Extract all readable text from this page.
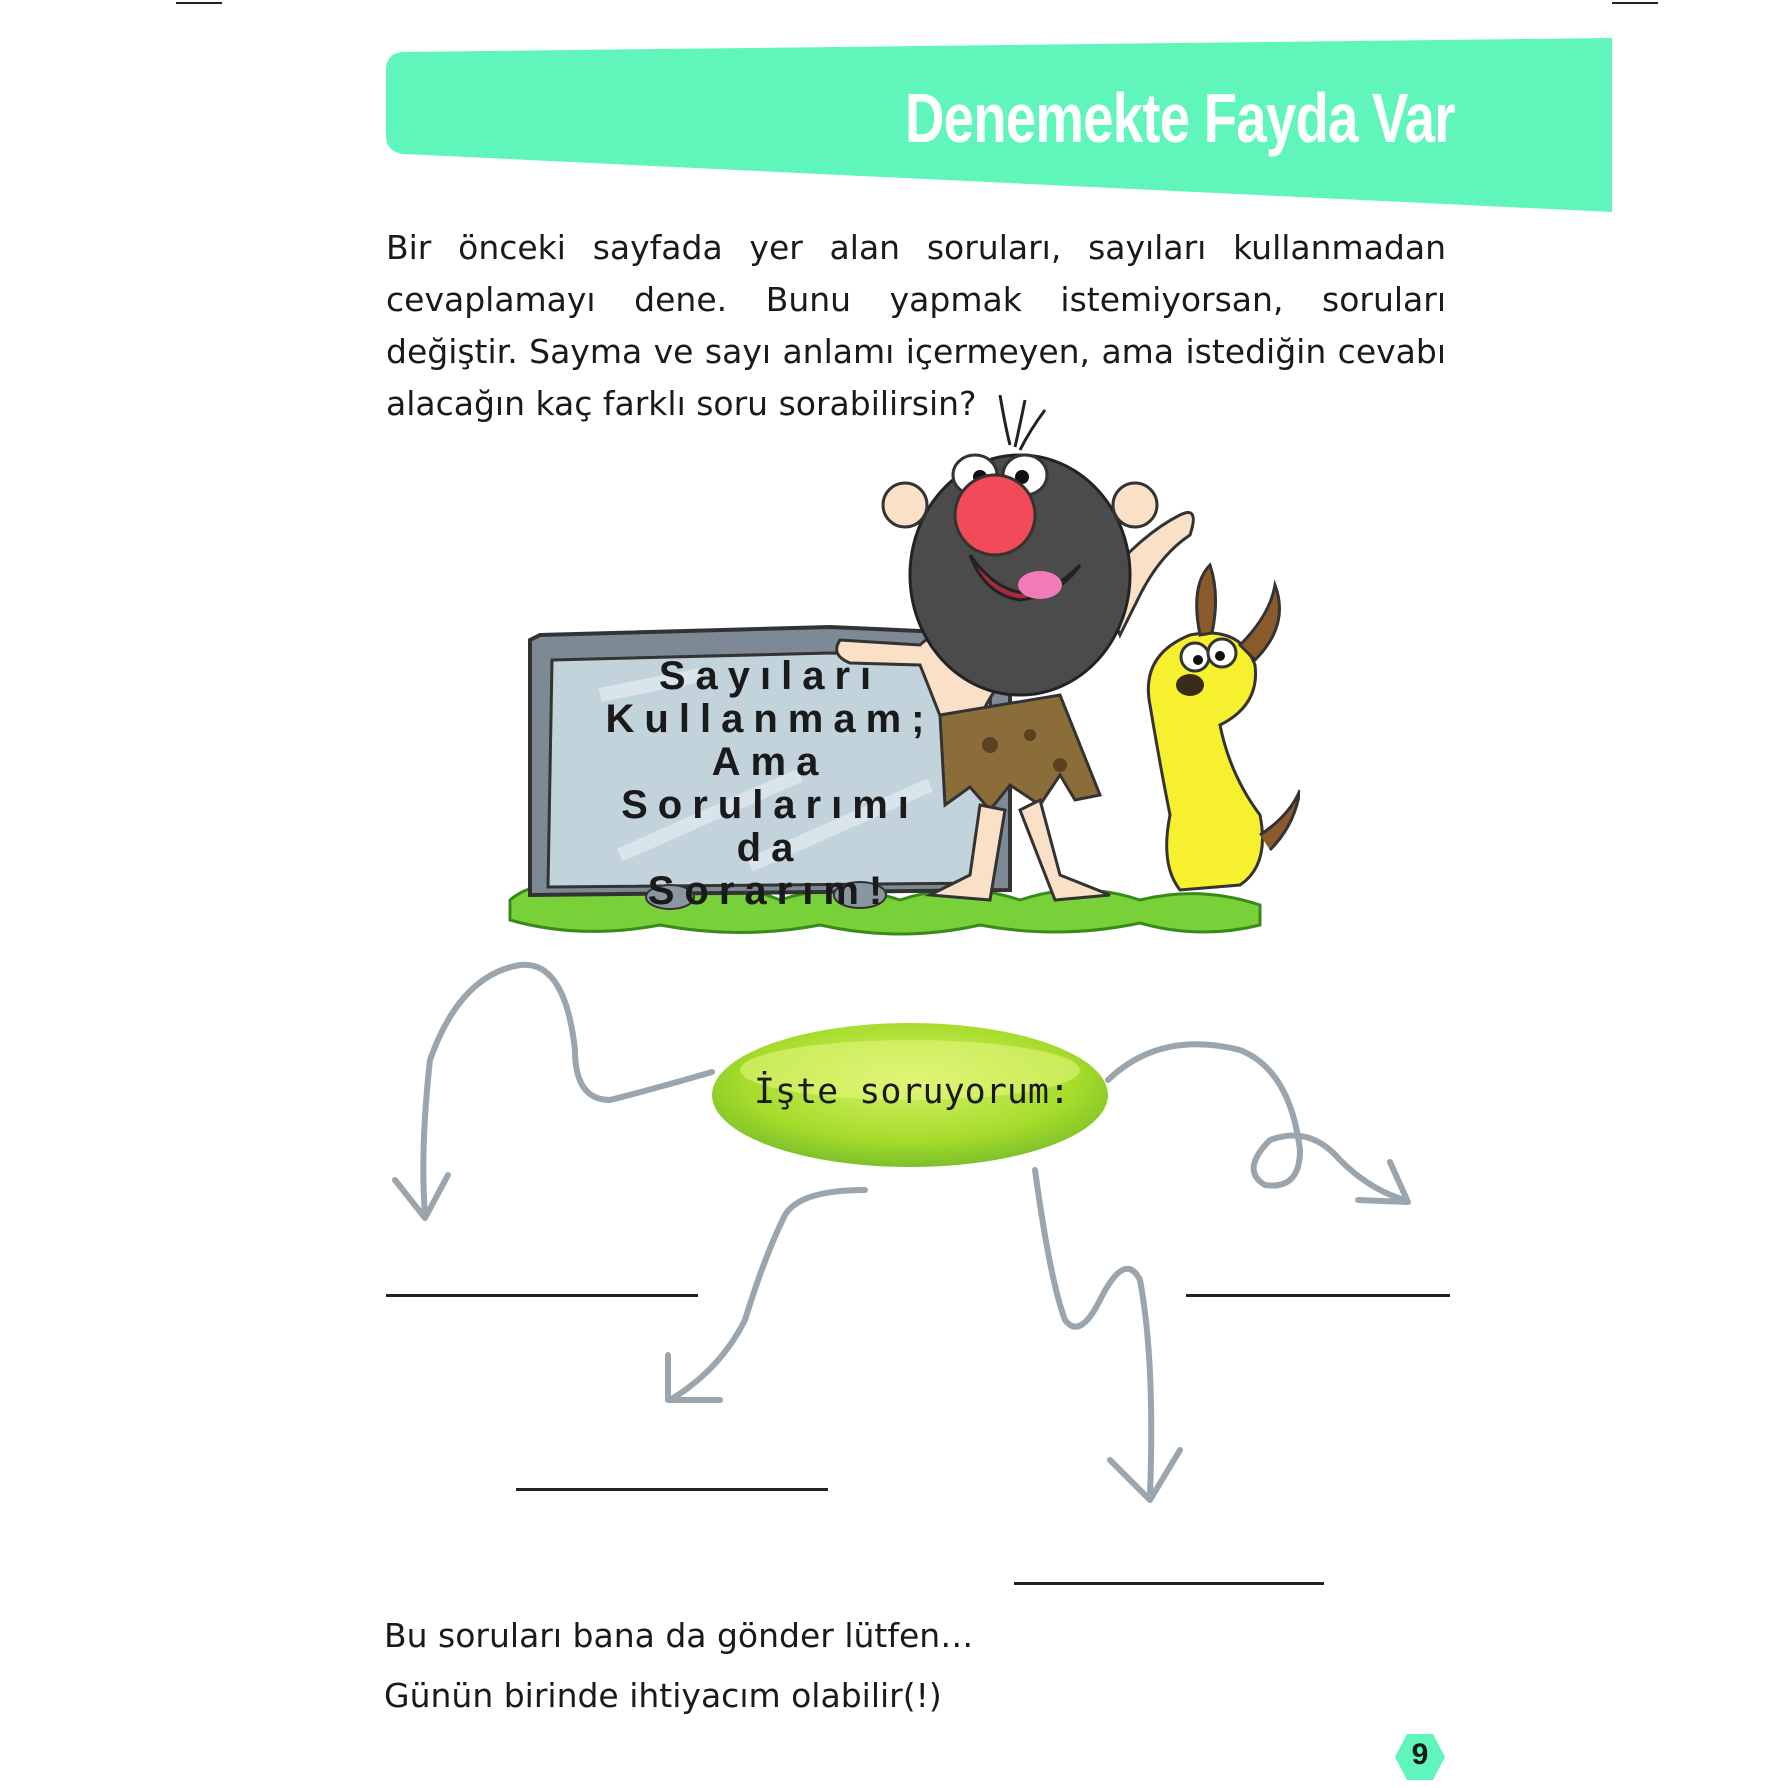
Denemekte Fayda Var
Bir önceki sayfada yer alan soruları, sayıları kullanmadan cevaplamayı dene. Bunu yapmak istemiyorsan, soruları değiştir. Sayma ve sayı anlamı içermeyen, ama istediğin cevabı alacağın kaç farklı soru sorabilirsin?
Sayıları
Kullanmam;
Ama
Sorularımı da
Sorarım!
İşte soruyorum:
Bu soruları bana da gönder lütfen…
Günün birinde ihtiyacım olabilir(!)
9
